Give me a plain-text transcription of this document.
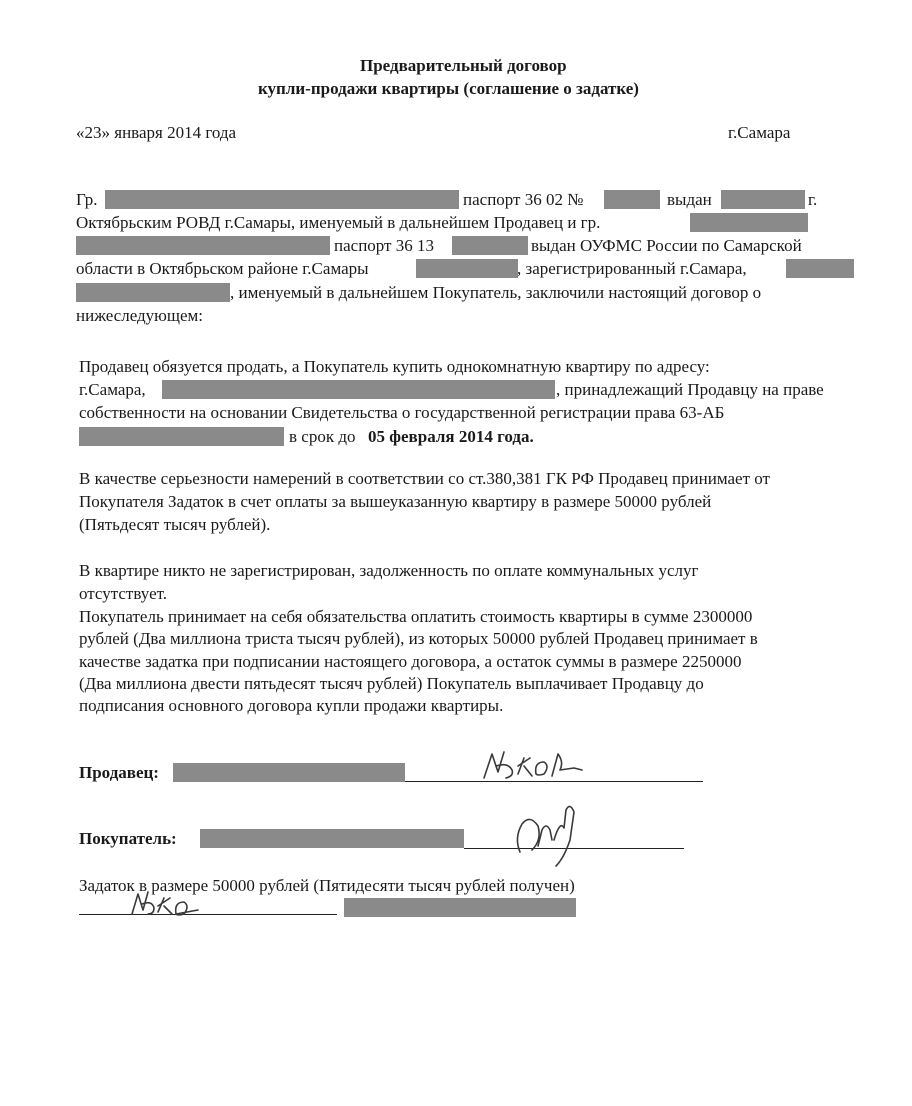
Предварительный договор
купли-продажи квартиры (соглашение о задатке)
«23» января 2014 года	г.Самара
Гр.	паспорт 36 02 №	выдан	г.
Октябрьским РОВД г.Самары, именуемый в дальнейшем Продавец и гр.
паспорт 36 13	выдан ОУФМС России по Самарской
области в Октябрьском районе г.Самары	, зарегистрированный г.Самара,
, именуемый в дальнейшем Покупатель, заключили настоящий договор о
нижеследующем:
Продавец обязуется продать, а Покупатель купить однокомнатную квартиру по адресу:
г.Самара,	, принадлежащий Продавцу на праве
собственности на основании Свидетельства о государственной регистрации права 63-АБ
в срок до 05 февраля 2014 года.
В качестве серьезности намерений в соответствии со ст.380,381 ГК РФ Продавец принимает от
Покупателя Задаток в счет оплаты за вышеуказанную квартиру в размере 50000 рублей
(Пятьдесят тысяч рублей).
В квартире никто не зарегистрирован, задолженность по оплате коммунальных услуг
отсутствует.
Покупатель принимает на себя обязательства оплатить стоимость квартиры в сумме 2300000
рублей (Два миллиона триста тысяч рублей), из которых 50000 рублей Продавец принимает в
качестве задатка при подписании настоящего договора, а остаток суммы в размере 2250000
(Два миллиона двести пятьдесят тысяч рублей) Покупатель выплачивает Продавцу до
подписания основного договора купли продажи квартиры.
Продавец:
Покупатель:
Задаток в размере 50000 рублей (Пятидесяти тысяч рублей получен)
